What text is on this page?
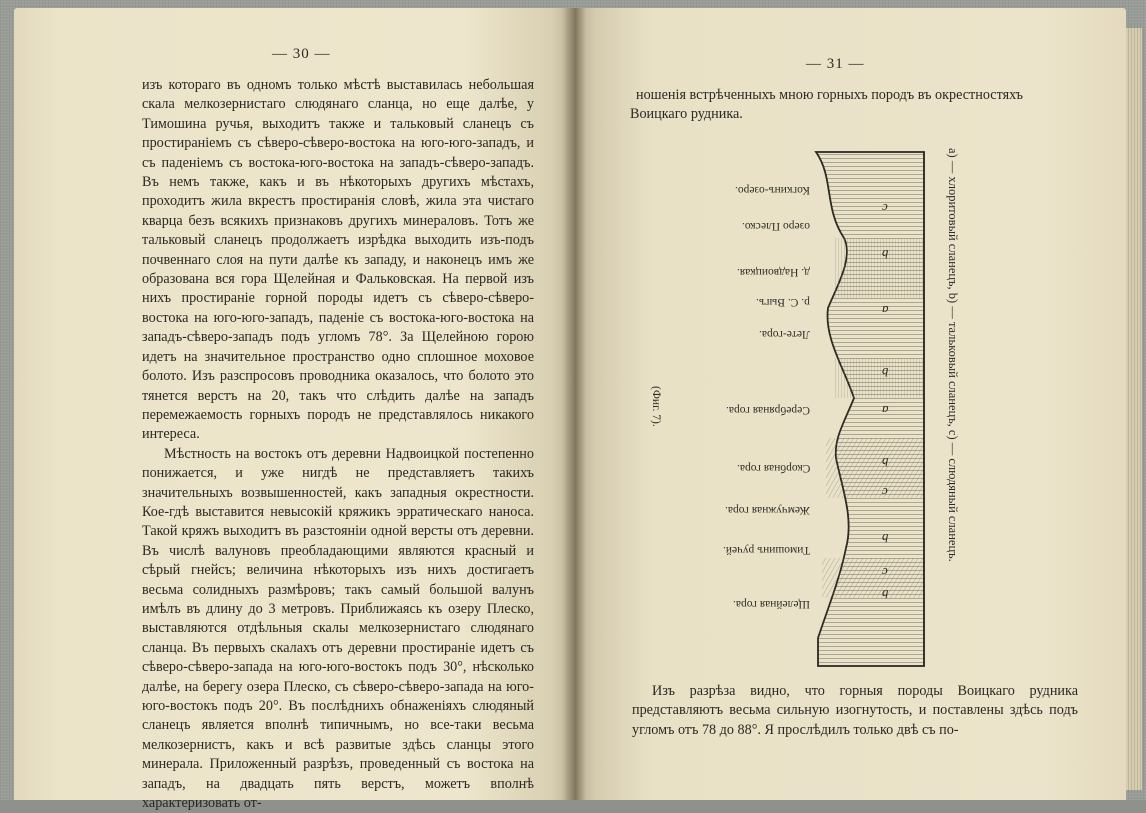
— 30 —

изъ котораго въ одномъ только мѣстѣ выставилась небольшая скала мелкозернистаго слюдянаго сланца, но еще далѣе, у Тимошина ручья, выходитъ также и тальковый сланецъ съ простираніемъ съ сѣверо-сѣверо-востока на юго-юго-западъ, и съ паденіемъ съ востока-юго-востока на западъ-сѣверо-западъ. Въ немъ также, какъ и въ нѣкоторыхъ другихъ мѣстахъ, проходитъ жила вкрестъ простиранія словѣ, жила эта чистаго кварца безъ всякихъ признаковъ другихъ минераловъ. Тотъ же тальковый сланецъ продолжаетъ изрѣдка выходить изъ-подъ почвеннаго слоя на пути далѣе къ западу, и наконецъ имъ же образована вся гора Щелейная и Фальковская. На первой изъ нихъ простираніе горной породы идетъ съ сѣверо-сѣверо-востока на юго-юго-западъ, паденіе съ востока-юго-востока на западъ-сѣверо-западъ подъ угломъ 78°. За Щелейною горою идетъ на значительное пространство одно сплошное моховое болото. Изъ разспросовъ проводника оказалось, что болото это тянется верстъ на 20, такъ что слѣдить далѣе на западъ перемежаемость горныхъ породъ не представлялось никакого интереса.

Мѣстность на востокъ отъ деревни Надвоицкой постепенно понижается, и уже нигдѣ не представляетъ такихъ значительныхъ возвышенностей, какъ западныя окрестности. Кое-гдѣ выставится невысокій кряжикъ эрратическаго наноса. Такой кряжъ выходитъ въ разстояніи одной версты отъ деревни. Въ числѣ валуновъ преобладающими являются красный и сѣрый гнейсъ; величина нѣкоторыхъ изъ нихъ достигаетъ весьма солидныхъ размѣровъ; такъ самый большой валунъ имѣлъ въ длину до 3 метровъ. Приближаясь къ озеру Плеско, выставляются отдѣльныя скалы мелкозернистаго слюдянаго сланца. Въ первыхъ скалахъ отъ деревни простираніе идетъ съ сѣверо-сѣверо-запада на юго-юго-востокъ подъ 30°, нѣсколько далѣе, на берегу озера Плеско, съ сѣверо-сѣверо-запада на юго-юго-востокъ подъ 20°. Въ послѣднихъ обнаженіяхъ слюдяный сланецъ является вполнѣ типичнымъ, но все-таки весьма мелкозернистъ, какъ и всѣ развитые здѣсь сланцы этого минерала. Приложенный разрѣзъ, проведенный съ востока на западъ, на двадцать пять верстъ, можетъ вполнѣ характеризовать от-

— 31 —
ношенія встрѣченныхъ мною горныхъ породъ въ окрестностяхъ
Воицкаго рудника.
c
b
a
b
a
b
c
b
c
b
Щелейная гора.
Тимошинъ ручей.
Жемчужная гора.
Скорбная гора.
Серебряная гора.
Лете-гора.
р. С. Выгъ.
д. Надвоицкая.
озеро Плеско.
Когкинъ-озеро.	a) — хлоритовый сланецъ, b) — тальковый сланецъ, c) — слюдяный сланецъ.
(Фиг. 7).

Изъ разрѣза видно, что горныя породы Воицкаго рудника представляютъ весьма сильную изогнутость, и поставлены здѣсь подъ угломъ отъ 78 до 88°. Я прослѣдилъ только двѣ съ по-
